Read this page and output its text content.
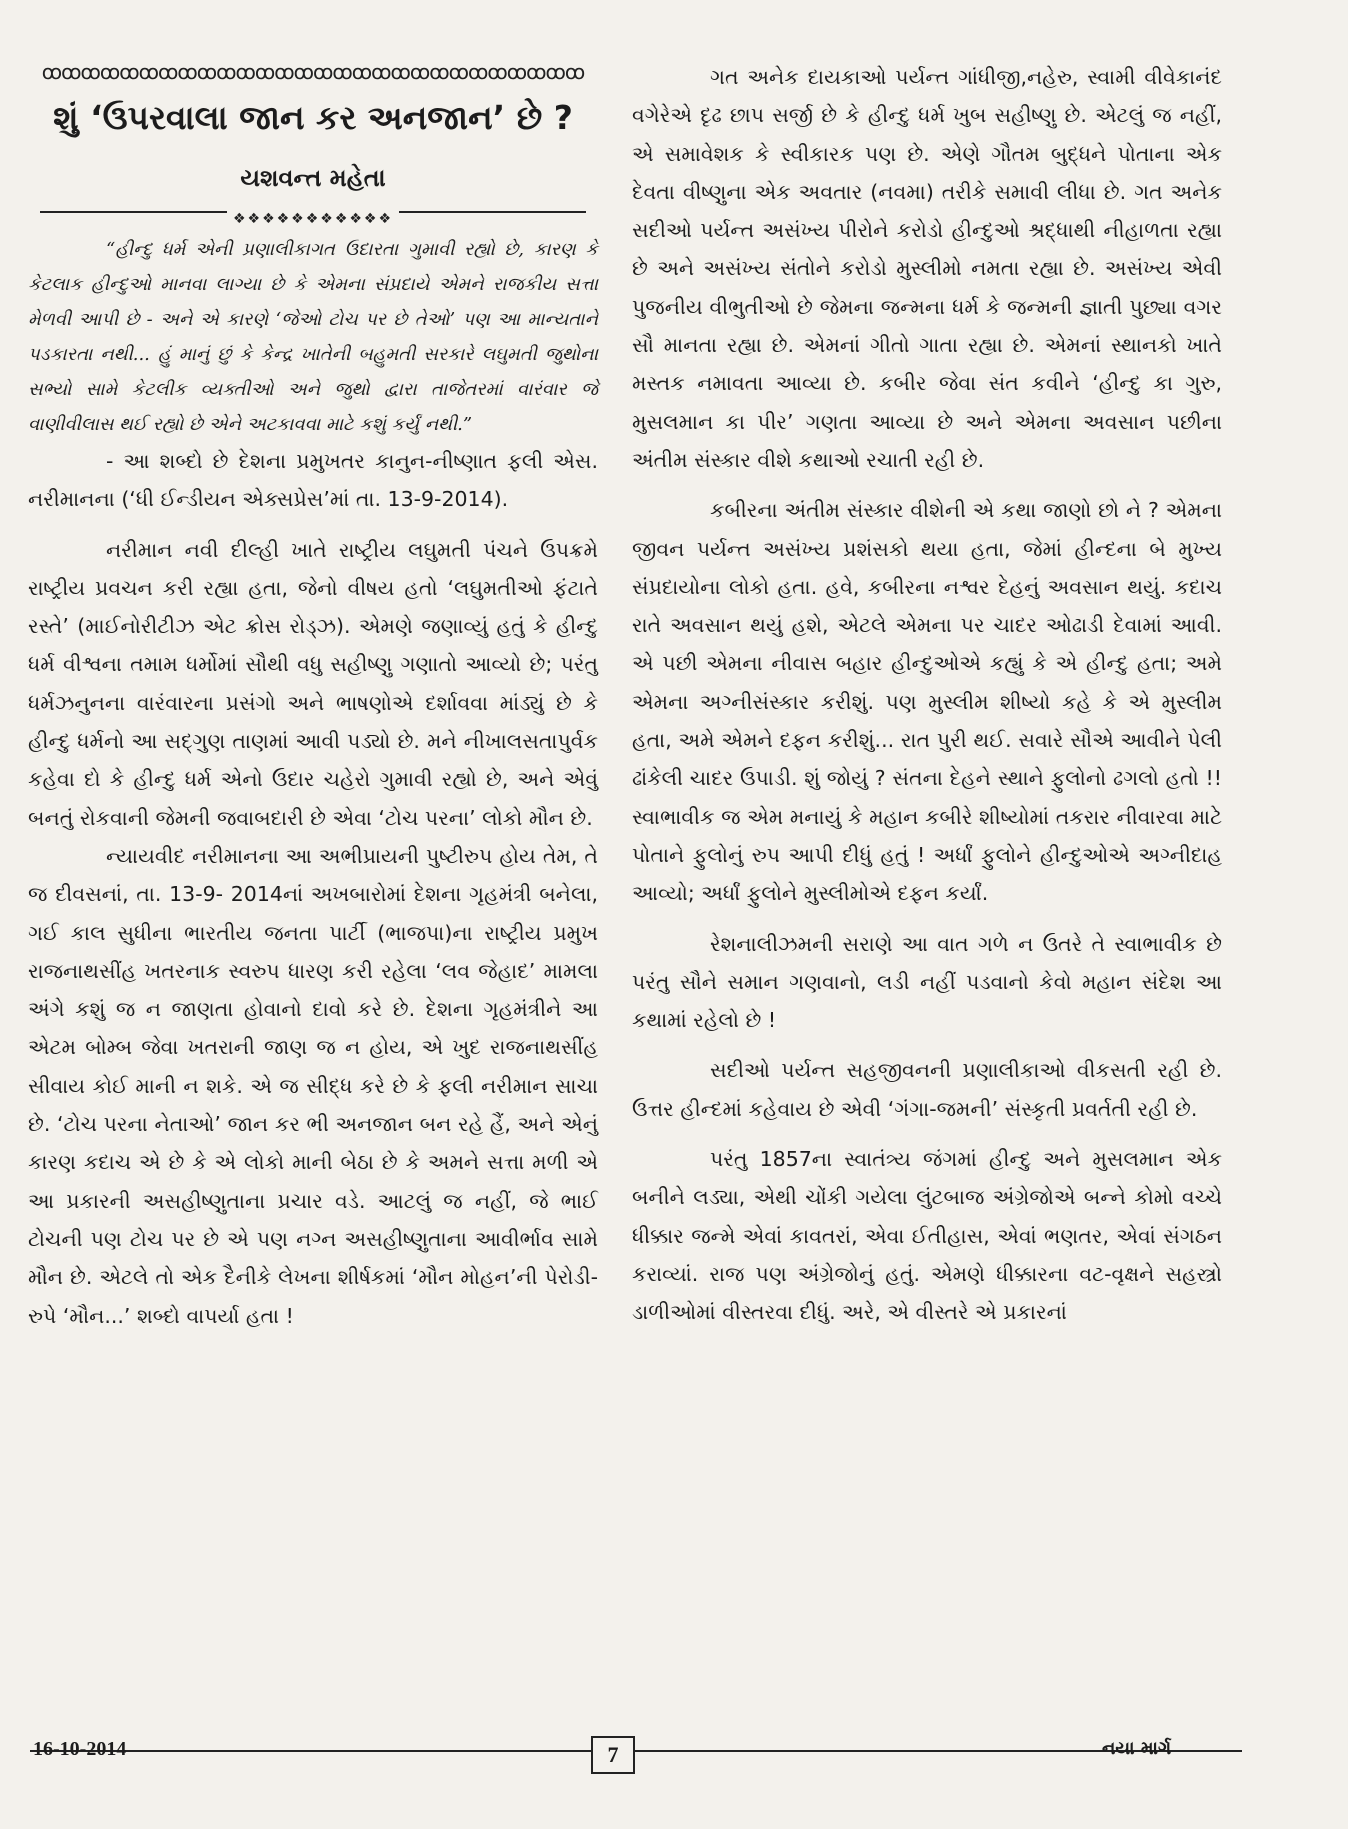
ꝏꝏꝏꝏꝏꝏꝏꝏꝏꝏꝏꝏꝏꝏꝏꝏꝏꝏꝏꝏꝏꝏꝏꝏꝏꝏꝏꝏ
શું ‘ઉપરવાલા જાન કર અનજાન’ છે ?
યશવન્ત મહેતા
❖❖❖❖❖❖❖❖❖❖❖

“હીન્દુ ધર્મ એની પ્રણાલીકાગત ઉદારતા ગુમાવી રહ્યો છે, કારણ કે કેટલાક હીન્દુઓ માનવા લાગ્યા છે કે એમના સંપ્રદાયે એમને રાજકીય સત્તા મેળવી આપી છે - અને એ કારણે ‘જેઓ ટોચ પર છે તેઓ’ પણ આ માન્યતાને પડકારતા નથી... હું માનું છું કે કેન્દ્ર ખાતેની બહુમતી સરકારે લઘુમતી જુથોના સભ્યો સામે કેટલીક વ્યક્તીઓ અને જુથો દ્વારા તાજેતરમાં વારંવાર જે વાણીવીલાસ થઈ રહ્યો છે એને અટકાવવા માટે કશું કર્યું નથી.”

- આ શબ્દો છે દેશના પ્રમુખતર કાનુન-નીષ્ણાત ફલી એસ. નરીમાનના (‘ધી ઈન્ડીયન એક્સપ્રેસ’માં તા. 13-9-2014).

નરીમાન નવી દીલ્હી ખાતે રાષ્ટ્રીય લઘુમતી પંચને ઉપક્રમે રાષ્ટ્રીય પ્રવચન કરી રહ્યા હતા, જેનો વીષય હતો ‘લઘુમતીઓ ફંટાતે રસ્તે’ (માઈનોરીટીઝ એટ ક્રોસ રોડ્ઝ). એમણે જણાવ્યું હતું કે હીન્દુ ધર્મ વીશ્વના તમામ ધર્મોમાં સૌથી વધુ સહીષ્ણુ ગણાતો આવ્યો છે; પરંતુ ધર્મઝનુનના વારંવારના પ્રસંગો અને ભાષણોએ દર્શાવવા માંડ્યું છે કે હીન્દુ ધર્મનો આ સદ્ગુણ તાણમાં આવી પડ્યો છે. મને નીખાલસતાપુર્વક કહેવા દો કે હીન્દુ ધર્મ એનો ઉદાર ચહેરો ગુમાવી રહ્યો છે, અને એવું બનતું રોકવાની જેમની જવાબદારી છે એવા ‘ટોચ પરના’ લોકો મૌન છે.

ન્યાયવીદ નરીમાનના આ અભીપ્રાયની પુષ્ટીરુપ હોય તેમ, તે જ દીવસનાં, તા. 13-9- 2014નાં અખબારોમાં દેશના ગૃહમંત્રી બનેલા, ગઈ કાલ સુધીના ભારતીય જનતા પાર્ટી (ભાજપા)ના રાષ્ટ્રીય પ્રમુખ રાજનાથસીંહ ખતરનાક સ્વરુપ ધારણ કરી રહેલા ‘લવ જેહાદ’ મામલા અંગે કશું જ ન જાણતા હોવાનો દાવો કરે છે. દેશના ગૃહમંત્રીને આ એટમ બોમ્બ જેવા ખતરાની જાણ જ ન હોય, એ ખુદ રાજનાથસીંહ સીવાય કોઈ માની ન શકે. એ જ સીદ્ધ કરે છે કે ફલી નરીમાન સાચા છે. ‘ટોચ પરના નેતાઓ’ જાન કર ભી અનજાન બન રહે હૈં, અને એનું કારણ કદાચ એ છે કે એ લોકો માની બેઠા છે કે અમને સત્તા મળી એ આ પ્રકારની અસહીષ્ણુતાના પ્રચાર વડે. આટલું જ નહીં, જે ભાઈ ટોચની પણ ટોચ પર છે એ પણ નગ્ન અસહીષ્ણુતાના આવીર્ભાવ સામે મૌન છે. એટલે તો એક દૈનીકે લેખના શીર્ષકમાં ‘મૌન મોહન’ની પેરોડી-રુપે ‘મૌન...’ શબ્દો વાપર્યા હતા !

ગત અનેક દાયકાઓ પર્યન્ત ગાંધીજી,નહેરુ, સ્વામી વીવેકાનંદ વગેરેએ દૃઢ છાપ સર્જી છે કે હીન્દુ ધર્મ ખુબ સહીષ્ણુ છે. એટલું જ નહીં, એ સમાવેશક કે સ્વીકારક પણ છે. એણે ગૌતમ બુદ્ધને પોતાના એક દેવતા વીષ્ણુના એક અવતાર (નવમા) તરીકે સમાવી લીધા છે. ગત અનેક સદીઓ પર્યન્ત અસંખ્ય પીરોને કરોડો હીન્દુઓ શ્રદ્ધાથી નીહાળતા રહ્યા છે અને અસંખ્ય સંતોને કરોડો મુસ્લીમો નમતા રહ્યા છે. અસંખ્ય એવી પુજનીય વીભુતીઓ છે જેમના જન્મના ધર્મ કે જન્મની જ્ઞાતી પુછ્યા વગર સૌ માનતા રહ્યા છે. એમનાં ગીતો ગાતા રહ્યા છે. એમનાં સ્થાનકો ખાતે મસ્તક નમાવતા આવ્યા છે. કબીર જેવા સંત કવીને ‘હીન્દુ કા ગુરુ, મુસલમાન કા પીર’ ગણતા આવ્યા છે અને એમના અવસાન પછીના અંતીમ સંસ્કાર વીશે કથાઓ રચાતી રહી છે.

કબીરના અંતીમ સંસ્કાર વીશેની એ કથા જાણો છો ને ? એમના જીવન પર્યન્ત અસંખ્ય પ્રશંસકો થયા હતા, જેમાં હીન્દના બે મુખ્ય સંપ્રદાયોના લોકો હતા. હવે, કબીરના નશ્વર દેહનું અવસાન થયું. કદાચ રાતે અવસાન થયું હશે, એટલે એમના પર ચાદર ઓઢાડી દેવામાં આવી. એ પછી એમના નીવાસ બહાર હીન્દુઓએ કહ્યું કે એ હીન્દુ હતા; અમે એમના અગ્નીસંસ્કાર કરીશું. પણ મુસ્લીમ શીષ્યો કહે કે એ મુસ્લીમ હતા, અમે એમને દફન કરીશું... રાત પુરી થઈ. સવારે સૌએ આવીને પેલી ઢાંકેલી ચાદર ઉપાડી. શું જોયું ? સંતના દેહને સ્થાને ફુલોનો ઢગલો હતો !! સ્વાભાવીક જ એમ મનાયું કે મહાન કબીરે શીષ્યોમાં તકરાર નીવારવા માટે પોતાને ફુલોનું રુપ આપી દીધું હતું ! અર્ધાં ફુલોને હીન્દુઓએ અગ્નીદાહ આવ્યો; અર્ધાં ફુલોને મુસ્લીમોએ દફન કર્યાં.

રેશનાલીઝમની સરાણે આ વાત ગળે ન ઉતરે તે સ્વાભાવીક છે પરંતુ સૌને સમાન ગણવાનો, લડી નહીં પડવાનો કેવો મહાન સંદેશ આ કથામાં રહેલો છે !

સદીઓ પર્યન્ત સહજીવનની પ્રણાલીકાઓ વીકસતી રહી છે. ઉત્તર હીન્દમાં કહેવાય છે એવી ‘ગંગા-જમની’ સંસ્કૃતી પ્રવર્તતી રહી છે.

પરંતુ 1857ના સ્વાતંત્ર્ય જંગમાં હીન્દુ અને મુસલમાન એક બનીને લડ્યા, એથી ચોંકી ગયેલા લુંટબાજ અંગ્રેજોએ બન્ને કોમો વચ્ચે ધીક્કાર જન્મે એવાં કાવતરાં, એવા ઈતીહાસ, એવાં ભણતર, એવાં સંગઠન કરાવ્યાં. રાજ પણ અંગ્રેજોનું હતું. એમણે ધીક્કારના વટ-વૃક્ષને સહસ્ત્રો ડાળીઓમાં વીસ્તરવા દીધું. અરે, એ વીસ્તરે એ પ્રકારનાં

16-10-2014	7	નયા માર્ગ
